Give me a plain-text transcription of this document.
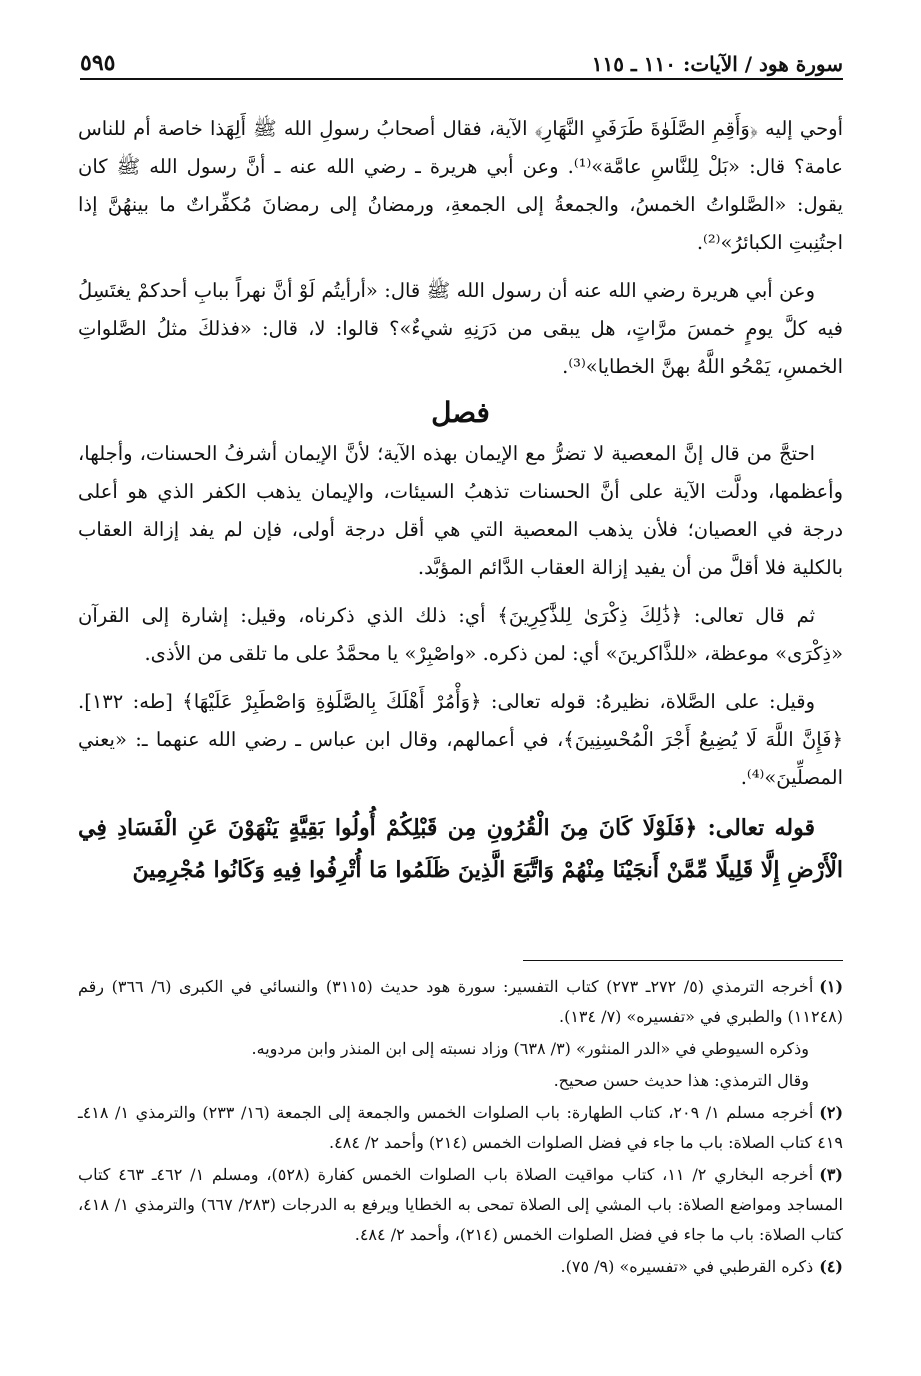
سورة هود / الآيات: ١١٠ ـ ١١٥
٥٩٥

أوحي إليه ﴿وَأَقِمِ الصَّلَوٰةَ طَرَفَيِ النَّهَارِ﴾ الآية، فقال أصحابُ رسولِ الله ﷺ أَلِهَذا خاصة أم للناس عامة؟ قال: «بَلْ لِلنَّاسِ عامَّة»⁽¹⁾. وعن أبي هريرة ـ رضي الله عنه ـ أنَّ رسول الله ﷺ كان يقول: «الصَّلواتُ الخمسُ، والجمعةُ إلى الجمعةِ، ورمضانُ إلى رمضانَ مُكفِّراتٌ ما بينهُنَّ إذا اجتُنِبتِ الكبائرُ»⁽²⁾.

وعن أبي هريرة رضي الله عنه أن رسول الله ﷺ قال: «أرأيتُم لَوْ أنَّ نهراً ببابِ أحدكمْ يغتَسِلُ فيه كلَّ يومٍ خمسَ مرَّاتٍ، هل يبقى من دَرَنِهِ شيءٌ»؟ قالوا: لا، قال: «فذلكَ مثلُ الصَّلواتِ الخمسِ، يَمْحُو اللَّهُ بهنَّ الخطايا»⁽³⁾.

فصل

احتجَّ من قال إنَّ المعصية لا تضرُّ مع الإيمان بهذه الآية؛ لأنَّ الإيمان أشرفُ الحسنات، وأجلها، وأعظمها، ودلَّت الآية على أنَّ الحسنات تذهبُ السيئات، والإيمان يذهب الكفر الذي هو أعلى درجة في العصيان؛ فلأن يذهب المعصية التي هي أقل درجة أولى، فإن لم يفد إزالة العقاب بالكلية فلا أقلَّ من أن يفيد إزالة العقاب الدَّائم المؤبَّد.

ثم قال تعالى: ﴿ذَٰلِكَ ذِكْرَىٰ لِلذَّٰكِرِينَ﴾ أي: ذلك الذي ذكرناه، وقيل: إشارة إلى القرآن «ذِكْرَى» موعظة، «للذَّاكرينَ» أي: لمن ذكره. «واصْبِرْ» يا محمَّدُ على ما تلقى من الأذى.

وقيل: على الصَّلاة، نظيرهُ: قوله تعالى: ﴿وَأْمُرْ أَهْلَكَ بِالصَّلَوٰةِ وَاصْطَبِرْ عَلَيْهَا﴾ [طه: ١٣٢]. ﴿فَإِنَّ اللَّهَ لَا يُضِيعُ أَجْرَ الْمُحْسِنِينَ﴾، في أعمالهم، وقال ابن عباس ـ رضي الله عنهما ـ: «يعني المصلِّينَ»⁽⁴⁾.

قوله تعالى: ﴿فَلَوْلَا كَانَ مِنَ الْقُرُونِ مِن قَبْلِكُمْ أُولُوا بَقِيَّةٍ يَنْهَوْنَ عَنِ الْفَسَادِ فِي الْأَرْضِ إِلَّا قَلِيلًا مِّمَّنْ أَنجَيْنَا مِنْهُمْ وَاتَّبَعَ الَّذِينَ ظَلَمُوا مَا أُتْرِفُوا فِيهِ وَكَانُوا مُجْرِمِينَ

(١)أخرجه الترمذي (٥/ ٢٧٢ـ ٢٧٣) كتاب التفسير: سورة هود حديث (٣١١٥) والنسائي في الكبرى (٦/ ٣٦٦) رقم (١١٢٤٨) والطبري في «تفسيره» (٧/ ١٣٤).

وذكره السيوطي في «الدر المنثور» (٣/ ٦٣٨) وزاد نسبته إلى ابن المنذر وابن مردويه.

وقال الترمذي: هذا حديث حسن صحيح.

(٢)أخرجه مسلم ١/ ٢٠٩، كتاب الطهارة: باب الصلوات الخمس والجمعة إلى الجمعة (١٦/ ٢٣٣) والترمذي ١/ ٤١٨ـ ٤١٩ كتاب الصلاة: باب ما جاء في فضل الصلوات الخمس (٢١٤) وأحمد ٢/ ٤٨٤.

(٣)أخرجه البخاري ٢/ ١١، كتاب مواقيت الصلاة باب الصلوات الخمس كفارة (٥٢٨)، ومسلم ١/ ٤٦٢ـ ٤٦٣ كتاب المساجد ومواضع الصلاة: باب المشي إلى الصلاة تمحى به الخطايا ويرفع به الدرجات (٢٨٣/ ٦٦٧) والترمذي ١/ ٤١٨، كتاب الصلاة: باب ما جاء في فضل الصلوات الخمس (٢١٤)، وأحمد ٢/ ٤٨٤.

(٤)ذكره القرطبي في «تفسيره» (٩/ ٧٥).
